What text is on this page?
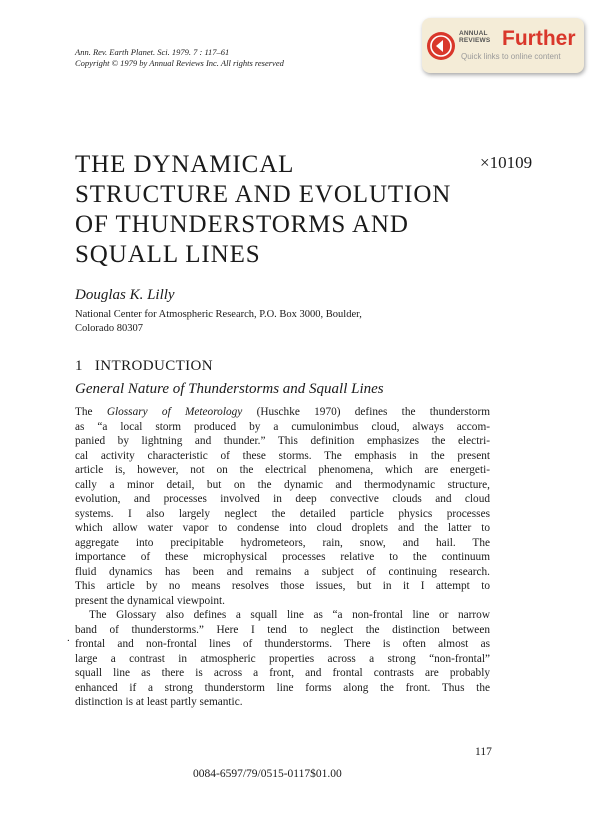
Ann. Rev. Earth Planet. Sci. 1979. 7 : 117–61
Copyright © 1979 by Annual Reviews Inc. All rights reserved
ANNUAL
REVIEWS Further
Quick links to online content
THE DYNAMICAL
STRUCTURE AND EVOLUTION
OF THUNDERSTORMS AND
SQUALL LINES
×10109
Douglas K. Lilly
National Center for Atmospheric Research, P.O. Box 3000, Boulder,
Colorado 80307
1 INTRODUCTION
General Nature of Thunderstorms and Squall Lines
The Glossary of Meteorology (Huschke 1970) defines the thunderstorm
as “a local storm produced by a cumulonimbus cloud, always accom-
panied by lightning and thunder.” This definition emphasizes the electri-
cal activity characteristic of these storms. The emphasis in the present
article is, however, not on the electrical phenomena, which are energeti-
cally a minor detail, but on the dynamic and thermodynamic structure,
evolution, and processes involved in deep convective clouds and cloud
systems. I also largely neglect the detailed particle physics processes
which allow water vapor to condense into cloud droplets and the latter to
aggregate into precipitable hydrometeors, rain, snow, and hail. The
importance of these microphysical processes relative to the continuum
fluid dynamics has been and remains a subject of continuing research.
This article by no means resolves those issues, but in it I attempt to
present the dynamical viewpoint.
The Glossary also defines a squall line as “a non-frontal line or narrow
band of thunderstorms.” Here I tend to neglect the distinction between
frontal and non-frontal lines of thunderstorms. There is often almost as
large a contrast in atmospheric properties across a strong “non-frontal”
squall line as there is across a front, and frontal contrasts are probably
enhanced if a strong thunderstorm line forms along the front. Thus the
distinction is at least partly semantic.
.
117
0084-6597/79/0515-0117$01.00
